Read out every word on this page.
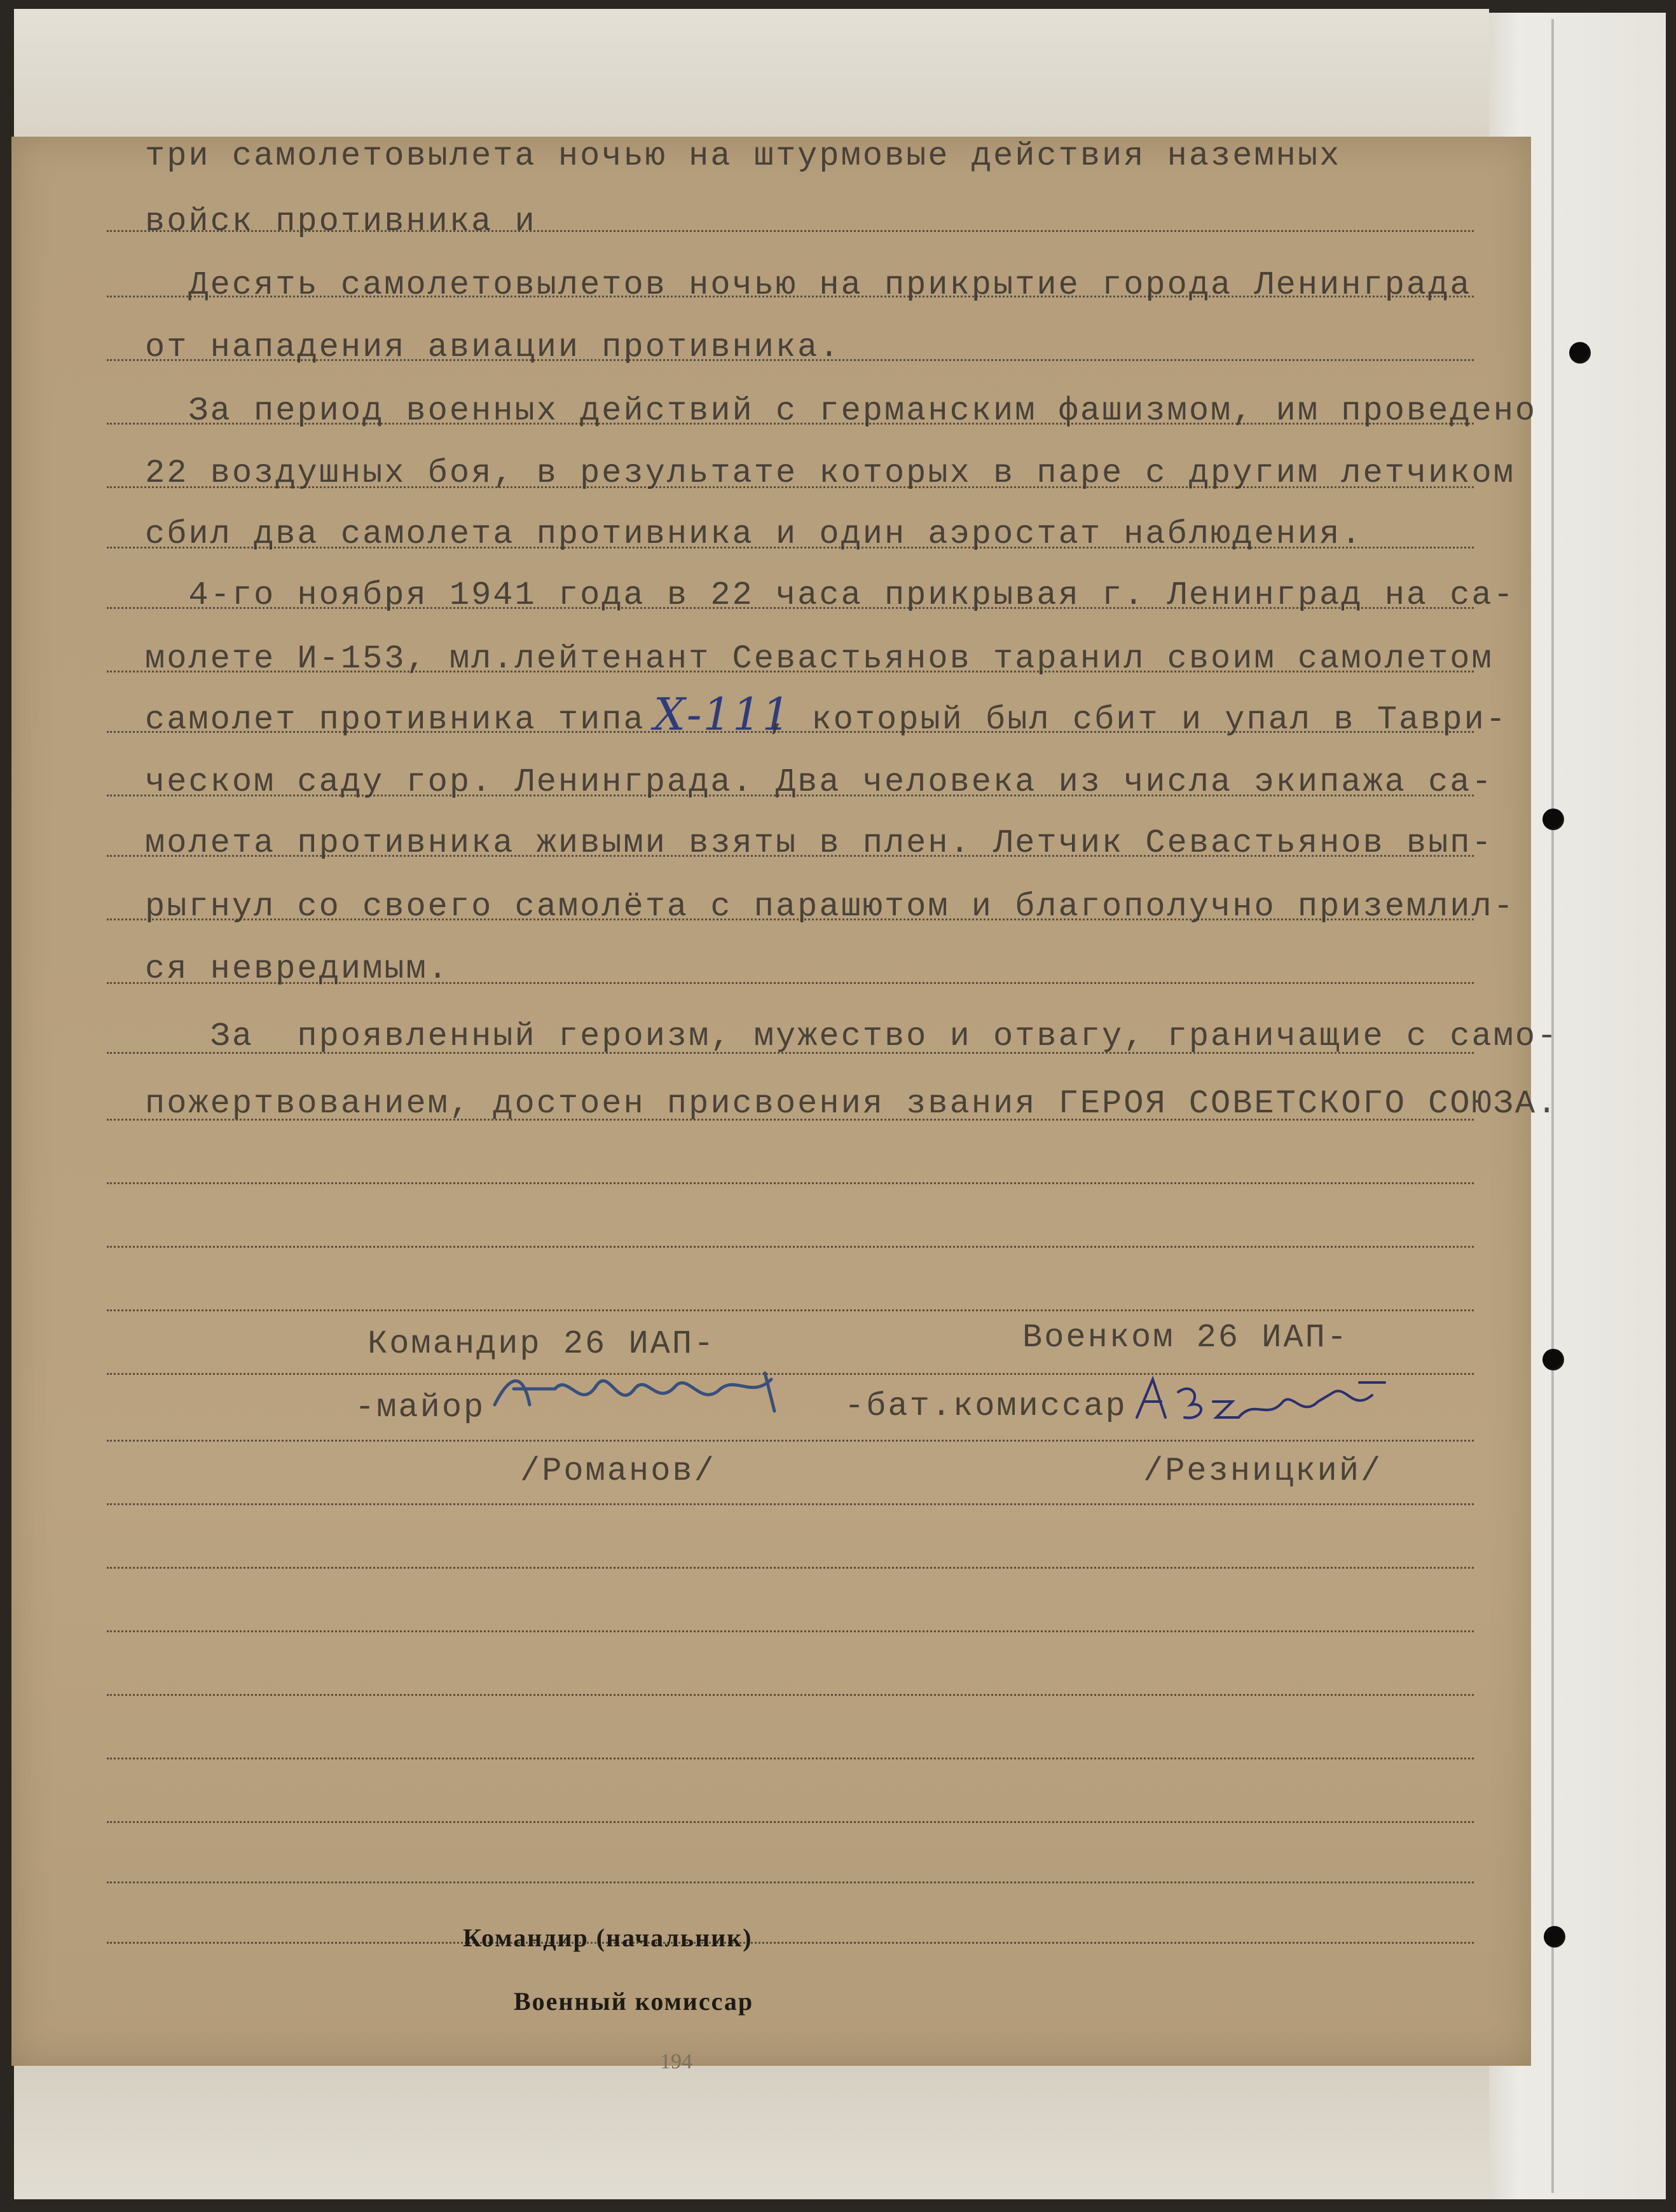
три самолетовылета ночью на штурмовые действия наземных
войск противника и
Десять самолетовылетов ночью на прикрытие города Ленинграда
от нападения авиации противника.
За период военных действий с германским фашизмом, им проведено
22 воздушных боя, в результате которых в паре с другим летчиком
сбил два самолета противника и один аэростат наблюдения.
4-го ноября 1941 года в 22 часа прикрывая г. Ленинград на са-
молете И-153, мл.лейтенант Севастьянов таранил своим самолетом
самолет противника типа Х-111
, который был сбит и упал в Таври-
ческом саду гор. Ленинграда. Два человека из числа экипажа са-
молета противника живыми взяты в плен. Летчик Севастьянов вып-
рыгнул со своего самолёта с парашютом и благополучно приземлил-
ся невредимым.
За  проявленный героизм, мужество и отвагу, граничащие с само-
пожертвованием, достоен присвоения звания ГЕРОЯ СОВЕТСКОГО СОЮЗА.
Командир 26 ИАП-
-майор
/Романов/
Военком 26 ИАП-
-бат.комиссар
/Резницкий/
Командир (начальник)
Военный комиссар
194
